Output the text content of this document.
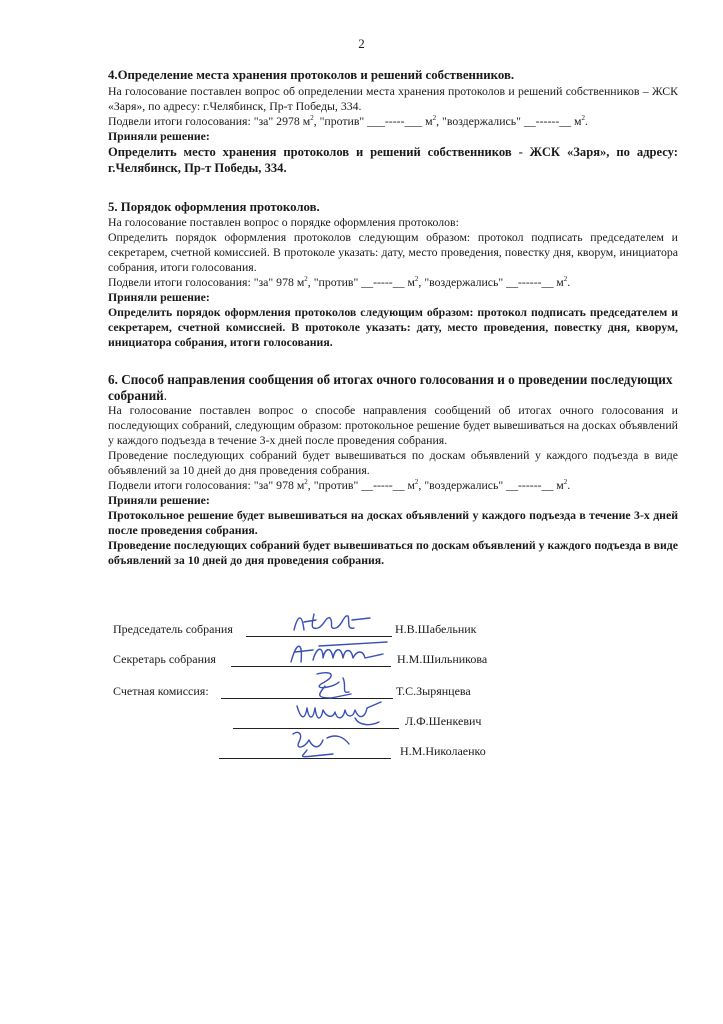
2
4.Определение места хранения протоколов и решений собственников.

На голосование поставлен вопрос об определении места хранения протоколов и решений собственников – ЖСК «Заря», по адресу: г.Челябинск, Пр-т Победы, 334.

Подвели итоги голосования: "за" 2978 $м^2$, "против" ___-----___ $м^2$, "воздержались" __------__ $м^2$.

Приняли решение:

Определить место хранения протоколов и решений собственников - ЖСК «Заря», по адресу: г.Челябинск, Пр-т Победы, 334.

5. Порядок оформления протоколов.

На голосование поставлен вопрос о порядке оформления протоколов:

Определить порядок оформления протоколов следующим образом: протокол подписать председателем и секретарем, счетной комиссией. В протоколе указать: дату, место проведения, повестку дня, кворум, инициатора собрания, итоги голосования.

Подвели итоги голосования: "за" 978 $м^2$, "против" __-----__ $м^2$, "воздержались" __------__ $м^2$.

Приняли решение:

Определить порядок оформления протоколов следующим образом: протокол подписать председателем и секретарем, счетной комиссией. В протоколе указать: дату, место проведения, повестку дня, кворум, инициатора собрания, итоги голосования.

6. Способ направления сообщения об итогах очного голосования и о проведении последующих собраний.

На голосование поставлен вопрос о способе направления сообщений об итогах очного голосования и последующих собраний, следующим образом: протокольное решение будет вывешиваться на досках объявлений у каждого подъезда в течение 3-х дней после проведения собрания.

Проведение последующих собраний будет вывешиваться по доскам объявлений у каждого подъезда в виде объявлений за 10 дней до дня проведения собрания.

Подвели итоги голосования: "за" 978 $м^2$, "против" __-----__ $м^2$, "воздержались" __------__ $м^2$.

Приняли решение:

Протокольное решение будет вывешиваться на досках объявлений у каждого подъезда в течение 3-х дней после проведения собрания.

Проведение последующих собраний будет вывешиваться по доскам объявлений у каждого подъезда в виде объявлений за 10 дней до дня проведения собрания.

Председатель собрания	Н.В.Шабельник
Секретарь собрания	Н.М.Шильникова
Счетная комиссия:	Т.С.Зырянцева
Л.Ф.Шенкевич
Н.М.Николаенко
